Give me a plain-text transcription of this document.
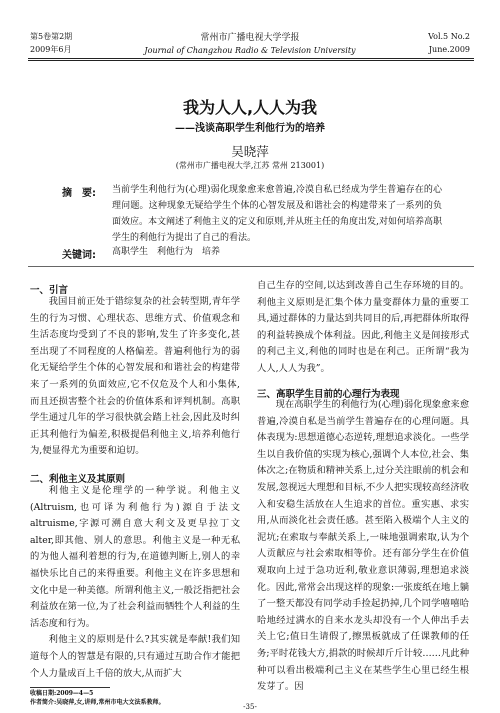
第5卷第2期
2009年6月
常州市广播电视大学学报
Journal of Changzhou Radio & Television University
Vol.5 No.2
June.2009
我为人人,人人为我
——浅谈高职学生利他行为的培养
吴晓萍
(常州市广播电视大学,江苏 常州 213001)
摘　要: 当前学生利他行为(心理)弱化现象愈来愈普遍,冷漠自私已经成为学生普遍存在的心理问题。这种现象无疑给学生个体的心智发展及和谐社会的构建带来了一系列的负面效应。本文阐述了利他主义的定义和原则,并从班主任的角度出发,对如何培养高职学生的利他行为提出了自己的看法。
关键词: 高职学生　利他行为　培养
一、引言

我国目前正处于错综复杂的社会转型期,青年学生的行为习惯、心理状态、思维方式、价值观念和生活态度均受到了不良的影响,发生了许多变化,甚至出现了不同程度的人格偏差。普遍利他行为的弱化无疑给学生个体的心智发展和和谐社会的构建带来了一系列的负面效应,它不仅危及个人和小集体,而且还损害整个社会的价值体系和评判机制。高职学生通过几年的学习很快就会踏上社会,因此及时纠正其利他行为偏差,积极提倡利他主义,培养利他行为,便显得尤为重要和迫切。

二、利他主义及其原则

利他主义是伦理学的一种学说。利他主义(Altruism,也可译为利他行为)源自于法文altruisme,字源可溯自意大利文及更早拉丁文alter,即其他、别人的意思。利他主义是一种无私的为他人福利着想的行为,在道德判断上,别人的幸福快乐比自己的来得重要。利他主义在许多思想和文化中是一种美德。所谓利他主义,一般泛指把社会利益放在第一位,为了社会利益而牺牲个人利益的生活态度和行为。

利他主义的原则是什么?其实就是奉献!我们知道每个人的智慧是有限的,只有通过互助合作才能把个人力量成百上千倍的放大,从而扩大

自己生存的空间,以达到改善自己生存环境的目的。利他主义原则是汇集个体力量变群体力量的重要工具,通过群体的力量达到共同目的后,再把群体所取得的利益转换成个体利益。因此,利他主义是间接形式的利己主义,利他的同时也是在利己。正所谓“我为人人,人人为我”。

三、高职学生目前的心理行为表现

现在高职学生的利他行为(心理)弱化现象愈来愈普遍,冷漠自私是当前学生普遍存在的心理问题。具体表现为:思想道德心态逆转,理想追求淡化。一些学生以自我价值的实现为核心,强调个人本位,社会、集体次之;在物质和精神关系上,过分关注眼前的机会和发展,忽视远大理想和目标,不少人把实现较高经济收入和安稳生活放在人生追求的首位。重实惠、求实用,从而淡化社会责任感。甚至陷入极端个人主义的泥坑;在索取与奉献关系上,一味地强调索取,认为个人贡献应与社会索取相等价。还有部分学生在价值观取向上过于急功近利,敬业意识薄弱,理想追求淡化。因此,常常会出现这样的现象:一张废纸在地上躺了一整天都没有同学动手捡起扔掉,几个同学嘻嘻哈哈地经过满水的自来水龙头却没有一个人伸出手去关上它;值日生请假了,擦黑板就成了任课教师的任务;平时花钱大方,捐款的时候却斤斤计较……凡此种种可以看出极端利己主义在某些学生心里已经生根发芽了。因

收稿日期:2009—4—5
作者简介:吴晓萍,女,讲师,常州市电大文法系教师。
-35-
